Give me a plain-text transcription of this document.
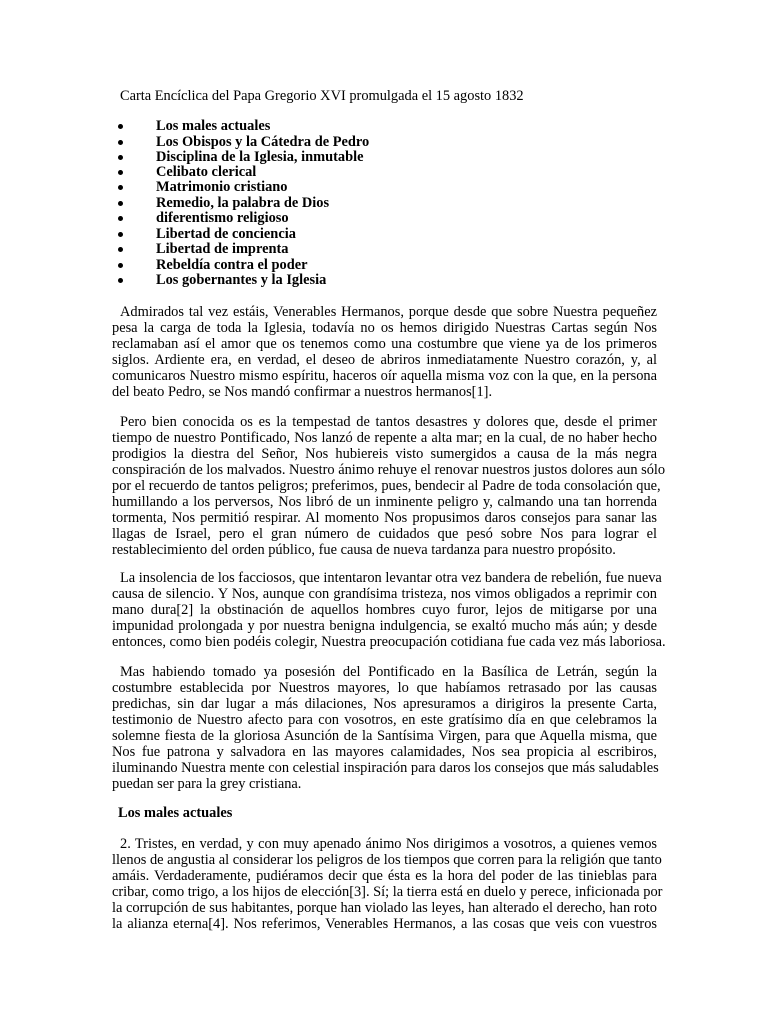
Carta Encíclica del Papa Gregorio XVI promulgada el 15 agosto 1832
Los males actuales
Los Obispos y la Cátedra de Pedro
Disciplina de la Iglesia, inmutable
Celibato clerical
Matrimonio cristiano
Remedio, la palabra de Dios
diferentismo religioso
Libertad de conciencia
Libertad de imprenta
Rebeldía contra el poder
Los gobernantes y la Iglesia
Admirados tal vez estáis, Venerables Hermanos, porque desde que sobre Nuestra pequeñez
pesa la carga de toda la Iglesia, todavía no os hemos dirigido Nuestras Cartas según Nos
reclamaban así el amor que os tenemos como una costumbre que viene ya de los primeros
siglos. Ardiente era, en verdad, el deseo de abriros inmediatamente Nuestro corazón, y, al
comunicaros Nuestro mismo espíritu, haceros oír aquella misma voz con la que, en la persona
del beato Pedro, se Nos mandó confirmar a nuestros hermanos[1].
Pero bien conocida os es la tempestad de tantos desastres y dolores que, desde el primer
tiempo de nuestro Pontificado, Nos lanzó de repente a alta mar; en la cual, de no haber hecho
prodigios la diestra del Señor, Nos hubiereis visto sumergidos a causa de la más negra
conspiración de los malvados. Nuestro ánimo rehuye el renovar nuestros justos dolores aun sólo
por el recuerdo de tantos peligros; preferimos, pues, bendecir al Padre de toda consolación que,
humillando a los perversos, Nos libró de un inminente peligro y, calmando una tan horrenda
tormenta, Nos permitió respirar. Al momento Nos propusimos daros consejos para sanar las
llagas de Israel, pero el gran número de cuidados que pesó sobre Nos para lograr el
restablecimiento del orden público, fue causa de nueva tardanza para nuestro propósito.
La insolencia de los facciosos, que intentaron levantar otra vez bandera de rebelión, fue nueva
causa de silencio. Y Nos, aunque con grandísima tristeza, nos vimos obligados a reprimir con
mano dura[2] la obstinación de aquellos hombres cuyo furor, lejos de mitigarse por una
impunidad prolongada y por nuestra benigna indulgencia, se exaltó mucho más aún; y desde
entonces, como bien podéis colegir, Nuestra preocupación cotidiana fue cada vez más laboriosa.
Mas habiendo tomado ya posesión del Pontificado en la Basílica de Letrán, según la
costumbre establecida por Nuestros mayores, lo que habíamos retrasado por las causas
predichas, sin dar lugar a más dilaciones, Nos apresuramos a dirigiros la presente Carta,
testimonio de Nuestro afecto para con vosotros, en este gratísimo día en que celebramos la
solemne fiesta de la gloriosa Asunción de la Santísima Virgen, para que Aquella misma, que
Nos fue patrona y salvadora en las mayores calamidades, Nos sea propicia al escribiros,
iluminando Nuestra mente con celestial inspiración para daros los consejos que más saludables
puedan ser para la grey cristiana.
Los males actuales
2. Tristes, en verdad, y con muy apenado ánimo Nos dirigimos a vosotros, a quienes vemos
llenos de angustia al considerar los peligros de los tiempos que corren para la religión que tanto
amáis. Verdaderamente, pudiéramos decir que ésta es la hora del poder de las tinieblas para
cribar, como trigo, a los hijos de elección[3]. Sí; la tierra está en duelo y perece, inficionada por
la corrupción de sus habitantes, porque han violado las leyes, han alterado el derecho, han roto
la alianza eterna[4]. Nos referimos, Venerables Hermanos, a las cosas que veis con vuestros
